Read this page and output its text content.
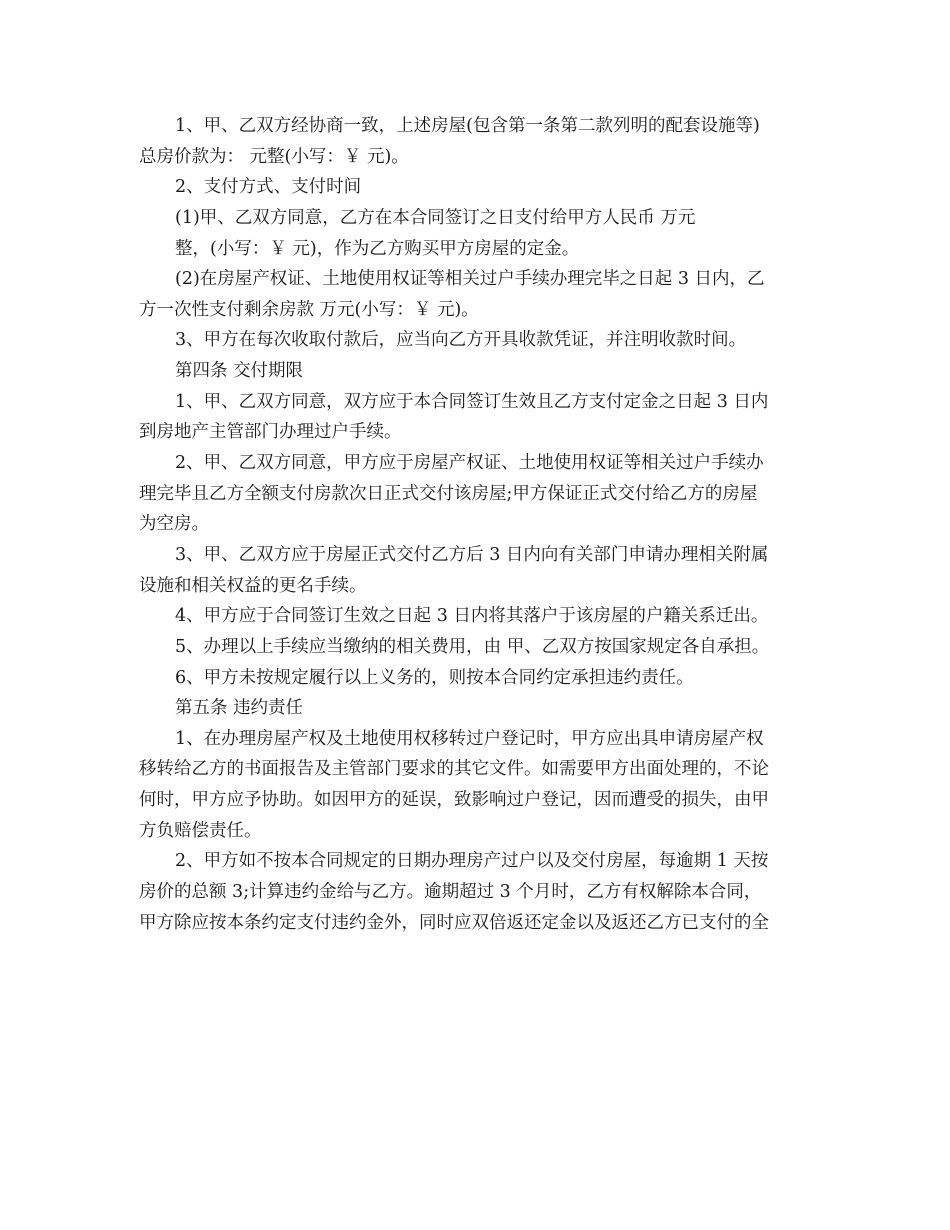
1、甲、乙双方经协商一致，上述房屋(包含第一条第二款列明的配套设施等)
总房价款为： 元整(小写：￥ 元)。
2、支付方式、支付时间
(1)甲、乙双方同意，乙方在本合同签订之日支付给甲方人民币 万元
整，(小写：￥ 元)，作为乙方购买甲方房屋的定金。
(2)在房屋产权证、土地使用权证等相关过户手续办理完毕之日起 3 日内，乙
方一次性支付剩余房款 万元(小写：￥ 元)。
3、甲方在每次收取付款后，应当向乙方开具收款凭证，并注明收款时间。
第四条 交付期限
1、甲、乙双方同意，双方应于本合同签订生效且乙方支付定金之日起 3 日内
到房地产主管部门办理过户手续。
2、甲、乙双方同意，甲方应于房屋产权证、土地使用权证等相关过户手续办
理完毕且乙方全额支付房款次日正式交付该房屋;甲方保证正式交付给乙方的房屋
为空房。
3、甲、乙双方应于房屋正式交付乙方后 3 日内向有关部门申请办理相关附属
设施和相关权益的更名手续。
4、甲方应于合同签订生效之日起 3 日内将其落户于该房屋的户籍关系迁出。
5、办理以上手续应当缴纳的相关费用，由 甲、乙双方按国家规定各自承担。
6、甲方未按规定履行以上义务的，则按本合同约定承担违约责任。
第五条 违约责任
1、在办理房屋产权及土地使用权移转过户登记时，甲方应出具申请房屋产权
移转给乙方的书面报告及主管部门要求的其它文件。如需要甲方出面处理的，不论
何时，甲方应予协助。如因甲方的延误，致影响过户登记，因而遭受的损失，由甲
方负赔偿责任。
2、甲方如不按本合同规定的日期办理房产过户以及交付房屋，每逾期 1 天按
房价的总额 3;计算违约金给与乙方。逾期超过 3 个月时，乙方有权解除本合同，
甲方除应按本条约定支付违约金外，同时应双倍返还定金以及返还乙方已支付的全
